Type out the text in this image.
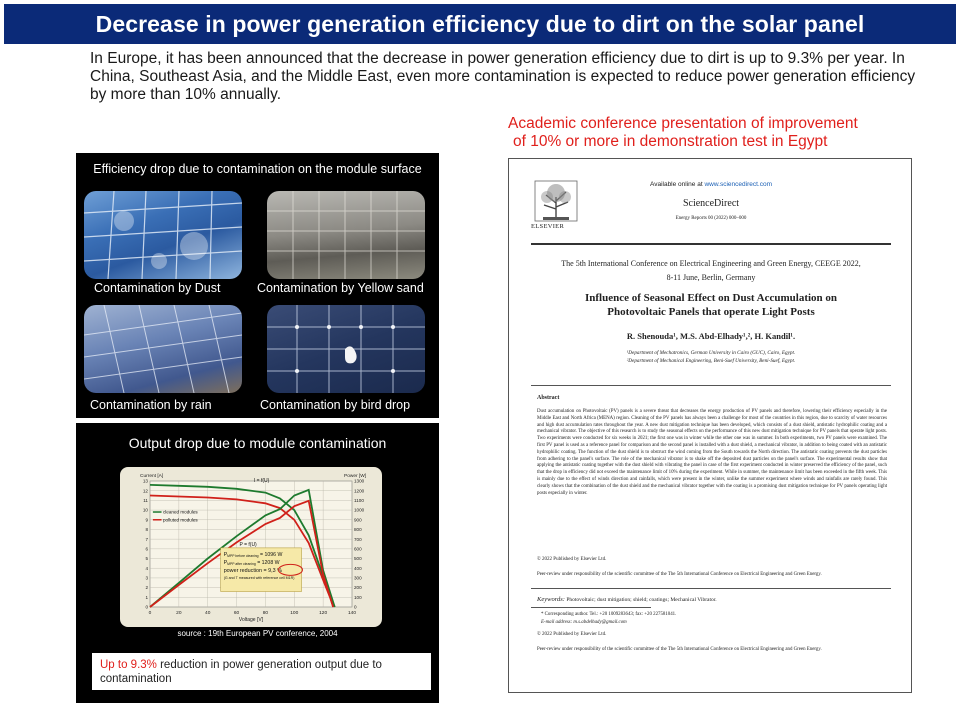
Decrease in power generation efficiency due to dirt on the solar panel
In Europe, it has been announced that the decrease in power generation efficiency due to dirt is up to 9.3% per year. In China, Southeast Asia, and the Middle East, even more contamination is expected to reduce power generation efficiency by more than 10% annually.
Academic conference presentation of improvement
of 10% or more in demonstration test in Egypt
Efficiency drop due to contamination on the module surface
Contamination by Dust	Contamination by Yellow sand
Contamination by rain	Contamination by bird drop
Output drop due to module contamination
0	20	40	60	80	100	120	140
0
1
2
3
4
5
6
7
8
9
10
11
12
13
0
100
200
300
400
500
600
700
800
900
1000
1100
1200
1300
Voltage [V]
Current [A]	Power [W]
I = f(U)
P = f(U)
cleaned modules
polluted modules
$P_{MPP before cleaning} = 1096$ W
$P_{MPP after cleaning} = 1208$ W
power reduction = 9,3 %
(G and T measured with reference cell M1R)
source : 19th European PV conference, 2004
Up to 9.3% reduction in power generation output due to contamination
ELSEVIER
Available online at www.sciencedirect.com
ScienceDirect
Energy Reports 00 (2022) 000–000
The 5th International Conference on Electrical Engineering and Green Energy, CEEGE 2022,
8-11 June, Berlin, Germany
Influence of Seasonal Effect on Dust Accumulation on
Photovoltaic Panels that operate Light Posts
R. Shenouda¹, M.S. Abd-Elhady¹,², H. Kandil¹.
¹Department of Mechatronics, German University in Cairo (GUC), Cairo, Egypt.
²Department of Mechanical Engineering, Beni-Suef University, Beni-Suef, Egypt.
Abstract
Dust accumulation on Photovoltaic (PV) panels is a severe threat that decreases the energy production of PV panels and therefore, lowering their efficiency especially in the Middle East and North Africa (MENA) region. Cleaning of the PV panels has always been a challenge for most of the countries in this region, due to scarcity of water resources and high dust accumulation rates throughout the year. A new dust mitigation technique has been developed, which consists of a dust shield, antistatic hydrophilic coating and a mechanical vibrator. The objective of this research is to study the seasonal effects on the performance of this new dust mitigation technique for PV panels that operate light posts. Two experiments were conducted for six weeks in 2021; the first one was in winter while the other one was in summer. In both experiments, two PV panels were examined. The first PV panel is used as a reference panel for comparison and the second panel is installed with a dust shield, a mechanical vibrator, in addition to being coated with an antistatic hydrophilic coating. The function of the dust shield is to obstruct the wind coming from the South towards the North direction. The antistatic coating prevents the dust particles from adhering to the panel's surface. The role of the mechanical vibrator is to shake off the deposited dust particles on the panel's surface. The experimental results show that applying the antistatic coating together with the dust shield with vibrating the panel in case of the first experiment conducted in winter preserved the efficiency of the panel, such that the drop in efficiency did not exceed the maintenance limit of 10% during the experiment. While in summer, the maintenance limit has been exceeded in the fifth week. This is mainly due to the effect of winds direction and rainfalls, which were present in the winter, unlike the summer experiment where winds and rainfalls are rarely found. This clearly shows that the combination of the dust shield and the mechanical vibrator together with the coating is a promising dust mitigation technique for PV panels operating light posts especially in winter.
© 2022 Published by Elsevier Ltd.
Peer-review under responsibility of the scientific committee of the The 5th International Conference on Electrical Engineering and Green Energy.
Keywords: Photovoltaic; dust mitigation; shield; coatings; Mechanical Vibrator.
* Corresponding author. Tel.: +20 1009283643; fax: +20 227581041.
E-mail address: m.s.abdelhady@gmail.com
© 2022 Published by Elsevier Ltd.
Peer-review under responsibility of the scientific committee of the The 5th International Conference on Electrical Engineering and Green Energy.
